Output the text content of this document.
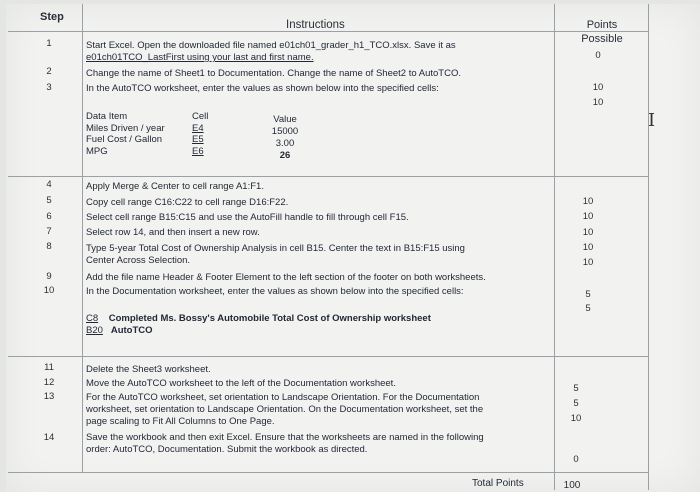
Step
Instructions	Points Possible
1
2
3
4
5
6
7
8
9
10
11
12
13
14
Start Excel. Open the downloaded file named e01ch01_grader_h1_TCO.xlsx. Save it as
e01ch01TCO_LastFirst using your last and first name.
Change the name of Sheet1 to Documentation. Change the name of Sheet2 to AutoTCO.
In the AutoTCO worksheet, enter the values as shown below into the specified cells:
Data Item
Miles Driven / year
Fuel Cost / Gallon
MPG
Cell
E4
E5
E6
Value
15000
3.00
26
Apply Merge & Center to cell range A1:F1.
Copy cell range C16:C22 to cell range D16:F22.
Select cell range B15:C15 and use the AutoFill handle to fill through cell F15.
Select row 14, and then insert a new row.
Type 5-year Total Cost of Ownership Analysis in cell B15. Center the text in B15:F15 using
Center Across Selection.
Add the file name Header & Footer Element to the left section of the footer on both worksheets.
In the Documentation worksheet, enter the values as shown below into the specified cells:
C8 Completed Ms. Bossy's Automobile Total Cost of Ownership worksheet
B20 AutoTCO
Delete the Sheet3 worksheet.
Move the AutoTCO worksheet to the left of the Documentation worksheet.
For the AutoTCO worksheet, set orientation to Landscape Orientation. For the Documentation
worksheet, set orientation to Landscape Orientation. On the Documentation worksheet, set the
page scaling to Fit All Columns to One Page.
Save the workbook and then exit Excel. Ensure that the worksheets are named in the following
order: AutoTCO, Documentation. Submit the workbook as directed.
0
10
10
10
10
10
10
10
5
5
5
5
10
0
Total Points	100
I
